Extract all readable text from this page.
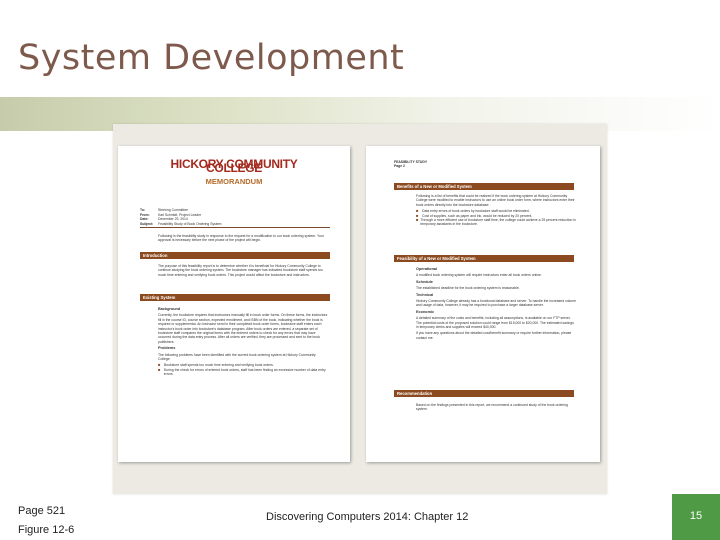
System Development
HICKORY COMMUNITY COLLEGE
MEMORANDUM
To:	Steering Committee
From:	Karl Schmidt, Project Leader
Date:	December 29, 2014
Subject:	Feasibility Study of Book Ordering System

Following is the feasibility study in response to the request for a modification to our book ordering system. Your approval is necessary before the next phase of the project will begin.

Introduction

The purpose of this feasibility report is to determine whether it is beneficial for Hickory Community College to continue studying the book ordering system. The bookstore manager has indicated bookstore staff spends too much time entering and verifying book orders. This project would affect the bookstore and instructors.

Existing System

Background

Currently, the bookstore requires that instructors manually fill in book order forms. On these forms, the instructors fill in the course ID, course section, expected enrollment, and ISBN of the book, indicating whether the book is required or supplemental. An instructor send in their completed book order forms, bookstore staff enters each instructor's book order into bookstore's database program. After book orders are entered, a separate set of bookstore staff compares the original forms with the entered orders to check for any errors that may have occurred during the data entry process. After all orders are verified, they are processed and sent to the book publishers.

Problems

The following problems have been identified with the current book ordering system at Hickory Community College:

■	Bookstore staff spends too much time entering and verifying book orders.
■ During the check for errors of entered book orders, staff has been finding an excessive number of data entry errors.
FEASIBILITY STUDY
Page 2
Benefits of a New or Modified System

Following is a list of benefits that could be realized if the book ordering system at Hickory Community College were modified to enable instructors to use an online book order form, where instructors enter their book orders directly into the bookstore database:

■	Data entry errors of book orders by bookstore staff would be eliminated.
■	Cost of supplies, such as paper and ink, would be reduced by 20 percent.
■ Through a more efficient use of bookstore staff time, the college could achieve a 25 percent reduction in temporary assistants in the bookstore.
Feasibility of a New or Modified System

Operational

A modified book ordering system will require instructors enter all book orders online.

Schedule

The established deadline for the book ordering system is reasonable.

Technical

Hickory Community College already has a functional database and server. To handle the increased volume and usage of data, however, it may be required to purchase a larger database server.

Economic

A detailed summary of the costs and benefits, including all assumptions, is available on our FTP server. The potential costs of the proposed solution could range from $15,000 to $20,000. The estimated savings in temporary clerks and supplies will exceed $40,000.

If you have any questions about the detailed cost/benefit summary or require further information, please contact me.

Recommendation

Based on the findings presented in this report, we recommend a continued study of the book ordering system.

Page 521
Figure 12-6
Discovering Computers 2014: Chapter 12	15
